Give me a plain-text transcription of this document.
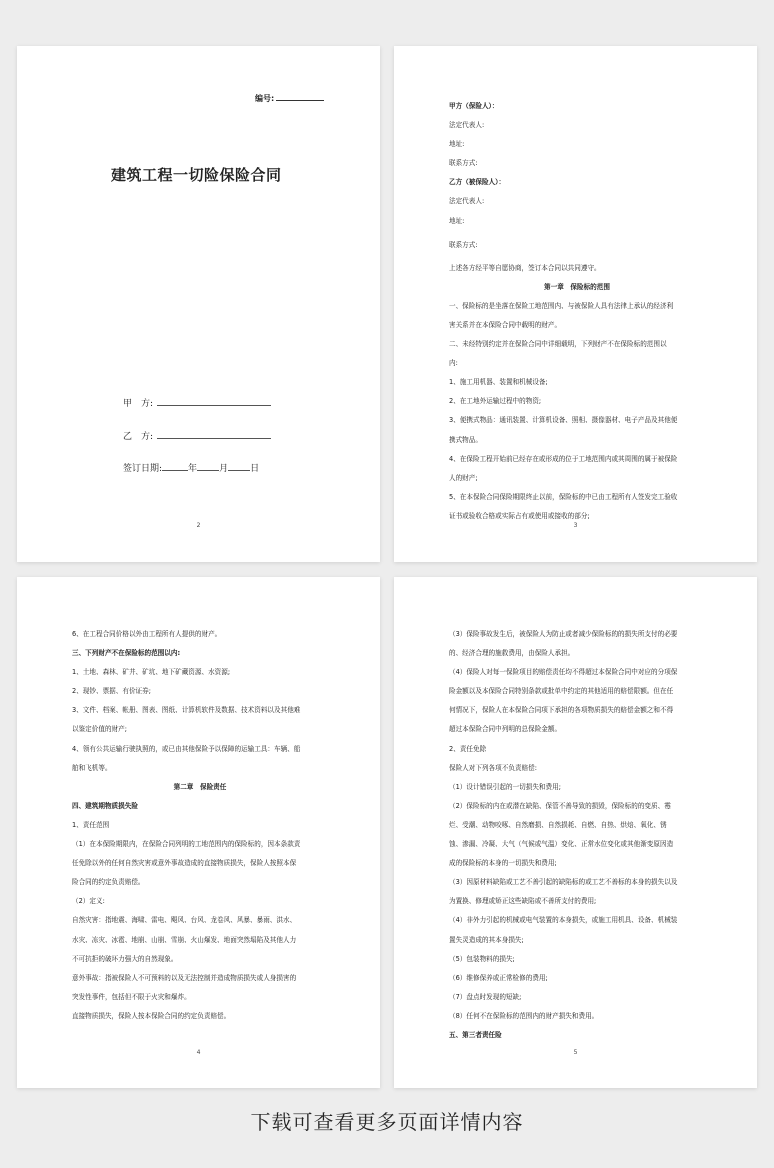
编号:
建筑工程一切险保险合同
甲　方:
乙　方:
签订日期:	年 月 日
2
甲方（保险人）：
法定代表人:
地址:
联系方式:
乙方（被保险人）：
法定代表人:
地址:
联系方式:
上述各方经平等自愿协商，签订本合同以共同遵守。
第一章　保险标的范围
一、保险标的是坐落在保险工地范围内、与被保险人具有法律上承认的经济利
害关系并在本保险合同中载明的财产。
二、未经特别约定并在保险合同中详细载明，下列财产不在保险标的范围以
内:
1、施工用机器、装置和机械设备;
2、在工地外运输过程中的物资;
3、便携式物品：通讯装置、计算机设备、照相、摄像器材、电子产品及其他便
携式物品。
4、在保险工程开始前已经存在或形成的位于工地范围内或其周围的属于被保险
人的财产;
5、在本保险合同保险期限终止以前，保险标的中已由工程所有人签发完工验收
证书或验收合格或实际占有或使用或接收的部分;
3
6、在工程合同价格以外由工程所有人提供的财产。
三、下列财产不在保险标的范围以内:
1、土地、森林、矿井、矿坑、地下矿藏资源、水资源;
2、现钞、票据、有价证券;
3、文件、档案、帐册、图表、图纸、计算机软件及数据、技术资料以及其他难
以鉴定价值的财产;
4、领有公共运输行驶执照的，或已由其他保险予以保障的运输工具：车辆、船
舶和飞机等。
第二章　保险责任
四、建筑期物质损失险
1、责任范围
（1）在本保险期限内，在保险合同列明的工地范围内的保险标的，因本条款责
任免除以外的任何自然灾害或意外事故造成的直接物质损失，保险人按照本保
险合同的约定负责赔偿。
（2）定义:
自然灾害：指地震、海啸、雷电、飓风、台风、龙卷风、风暴、暴雨、洪水、
水灾、冻灾、冰雹、地崩、山崩、雪崩、火山爆发、地面突然塌陷及其他人力
不可抗拒的破坏力强大的自然现象。
意外事故：指被保险人不可预料的以及无法控制并造成物质损失或人身损害的
突发性事件，包括但不限于火灾和爆炸。
直接物质损失，保险人按本保险合同的约定负责赔偿。
4
（3）保险事故发生后，被保险人为防止或者减少保险标的的损失所支付的必要
的、经济合理的施救费用，由保险人承担。
（4）保险人对每一保险项目的赔偿责任均不得超过本保险合同中对应的分项保
险金额以及本保险合同特别条款或批单中约定的其他适用的赔偿限额。但在任
何情况下，保险人在本保险合同项下承担的各项物质损失的赔偿金额之和不得
超过本保险合同中列明的总保险金额。
2、责任免除
保险人对下列各项不负责赔偿:
（1）设计错误引起的一切损失和费用;
（2）保险标的内在或潜在缺陷、保管不善导致的损毁，保险标的的变质、霉
烂、受潮、动物咬啄、自然磨损、自然损耗、自燃、自热、烘焙、氧化、锈
蚀、渗漏、冷凝、大气（气候或气温）变化、正常水位变化或其他渐变原因造
成的保险标的本身的一切损失和费用;
（3）因原材料缺陷或工艺不善引起的缺陷标的或工艺不善标的本身的损失以及
为置换、修理或矫正这些缺陷或不善所支付的费用;
（4）非外力引起的机械或电气装置的本身损失，或施工用机具、设备、机械装
置失灵造成的其本身损失;
（5）包装物料的损失;
（6）维修保养或正常检修的费用;
（7）盘点时发现的短缺;
（8）任何不在保险标的范围内的财产损失和费用。
五、第三者责任险
5
下载可查看更多页面详情内容
